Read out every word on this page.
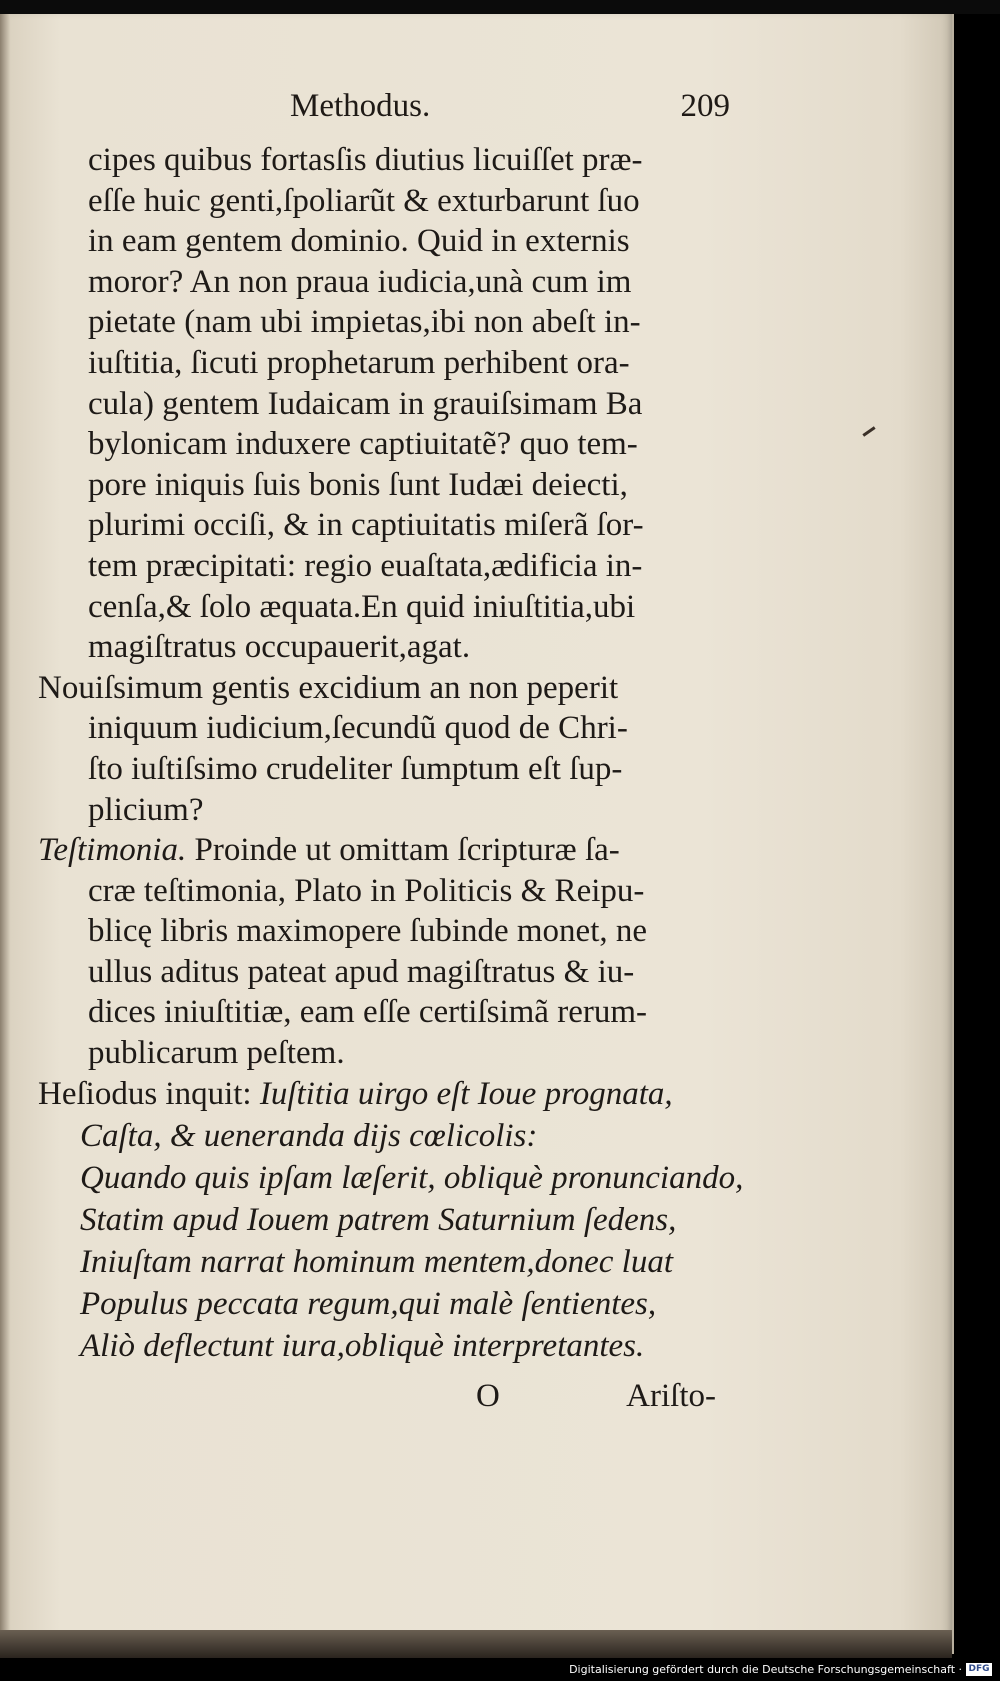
Methodus.	209
cipes quibus fortasſis diutius licuiſſet præ-
eſſe huic genti,ſpoliarũt & exturbarunt ſuo
in eam gentem dominio. Quid in externis
moror? An non praua iudicia,unà cum im
pietate (nam ubi impietas,ibi non abeſt in-
iuſtitia, ſicuti prophetarum perhibent ora-
cula) gentem Iudaicam in grauiſsimam Ba
bylonicam induxere captiuitatẽ? quo tem-
pore iniquis ſuis bonis ſunt Iudæi deiecti,
plurimi occiſi, & in captiuitatis miſerã ſor-
tem præcipitati: regio euaſtata,ædificia in-
cenſa,& ſolo æquata.En quid iniuſtitia,ubi
magiſtratus occupauerit,agat.
Nouiſsimum gentis excidium an non peperit
iniquum iudicium,ſecundũ quod de Chri-
ſto iuſtiſsimo crudeliter ſumptum eſt ſup-
plicium?
Teſtimonia. Proinde ut omittam ſcripturæ ſa-
cræ teſtimonia, Plato in Politicis & Reipu-
blicę libris maximopere ſubinde monet, ne
ullus aditus pateat apud magiſtratus & iu-
dices iniuſtitiæ, eam eſſe certiſsimã rerum-
publicarum peſtem.
Heſiodus inquit: Iuſtitia uirgo eſt Ioue prognata,
Caſta, & ueneranda dijs cœlicolis:
Quando quis ipſam læſerit, obliquè pronunciando,
Statim apud Iouem patrem Saturnium ſedens,
Iniuſtam narrat hominum mentem,donec luat
Populus peccata regum,qui malè ſentientes,
Aliò deflectunt iura,obliquè interpretantes.
O	Ariſto-
Digitalisierung gefördert durch die Deutsche Forschungsgemeinschaft · DFG
